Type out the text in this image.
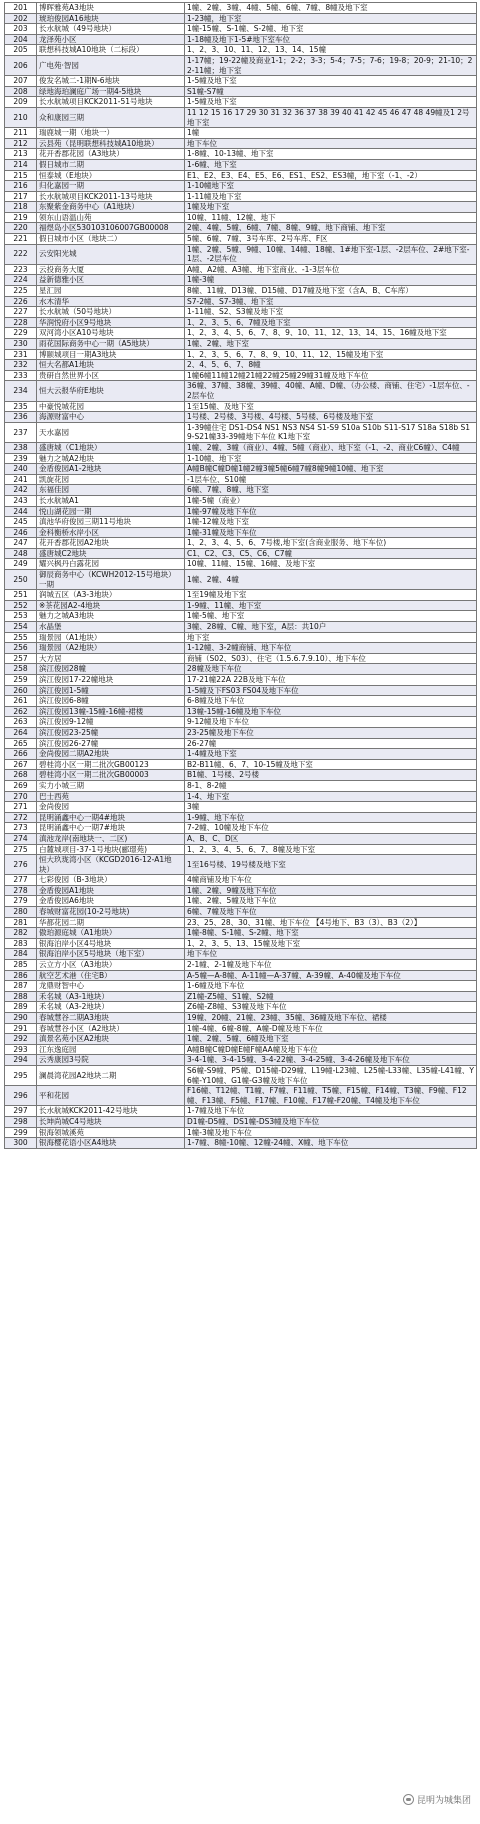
201	博晖雅苑A3地块	1幢、2幢、3幢、4幢、5幢、6幢、7幢、8幢及地下室
202	琥珀俊园A16地块	1-23幢，地下室
203	长水航城（49号地块）	1幢-15幢、S-1幢、S-2幢、地下室
204	龙泽苑小区	1-18幢及地下1-5#地下室车位
205	联想科技城A10地块（二标段）	1、2、3、10、11、12、13、14、15幢
206	广电苑·智园	1-17幢；19-22幢及商业1-1；2-2；3-3；5-4；7-5；7-6；19-8；20-9；21-10；22-11幢；地下室
207	俊发名城二-1期N-6地块	1-5幢及地下室
208	绿地海珀澜庭广场一期4-5地块	S1幢-S7幢
209	长水航城项目KCK2011-51号地块	1-5幢及地下室
210	众和康园三期	11 12 15 16 17 29 30 31 32 36 37 38 39 40 41 42 45 46 47 48 49幢及1 2号地下室
211	瑞鹿城一期（地块一）	1幢
212	云县苑（昆明联想科技城A10地块）	地下车位
213	花开香郡花园（A3地块）	1-8幢、10-13幢、地下室
214	假日城市二期	1-6幢、地下室
215	恒泰城（E地块）	E1、E2、E3、E4、E5、E6、ES1、ES2、ES3幢，地下室（-1、-2）
216	归化嘉园一期	1-10幢地下室
217	长水航城项目KCK2011-13号地块	1-11幢及地下室
218	东聚紫金商务中心（A1地块）	1幢及地下室
219	领东山语温山苑	10幢、11幢、12幢、地下
220	福煜岛小区530103106007GB00008	2幢、4幢、5幢、6幢、7幢、8幢、9幢、地下商铺、地下室
221	假日城市小区（地块二）	5幢、6幢、7幢、3号车库、2号车库、F区
222	云安阳光城	1幢、2幢、5幢、9幢、10幢、14幢、18幢、1#地下室-1层、-2层车位、2#地下室-1层、-2层车位
223	云投商务大厦	A幢、A2幢、A3幢、地下室商业、-1-3层车位
224	益新德雅小区	1幢-3幢
225	星汇园	8幢、11幢、D13幢、D15幢、D17幢及地下室（含A、B、C车库）
226	水木清华	S7-2幢、S7-3幢、地下室
227	长水航城（50号地块）	1-11幢、S2、S3幢及地下室
228	华润悦府小区9号地块	1、2、3、5、6、7幢及地下室
229	双河湾小区A10号地块	1、2、3、4、5、6、7、8、9、10、11、12、13、14、15、16幢及地下室
230	雨花国际商务中心一期（A5地块）	1幢、2幢、地下室
231	博颐城项目一期A3地块	1、2、3、5、6、7、8、9、10、11、12、15幢及地下室
232	恒大名都A1地块	2、4、5、6、7、8幢
233	贵研自然世界小区	1幢6幢11幢12幢21幢22幢25幢29幢31幢及地下车位
234	恒大云报华府E地块	36幢、37幢、38幢、39幢、40幢、A幢、D幢、（办公楼、商铺、住宅）-1层车位、-2层车位
235	中豪悦城花园	1至15幢、及地下室
236	海源财富中心	1号楼、2号楼、3号楼、4号楼、5号楼、6号楼及地下室
237	天水嘉园	1-39幢住宅 DS1-DS4 NS1 NS3 NS4 S1-S9 S10a S10b S11-S17 S18a S18b S19-S21幢33-39幢地下车位 K1地下室
238	盛唐城（C1地块）	1幢、2幢、3幢（商业）、4幢、5幢（商业）、地下室（-1、-2、商业C6幢）、C4幢
239	魅力之城A2地块	1-10幢、地下室
240	金盾俊园A1-2地块	A幢B幢C幢D幢1幢2幢3幢5幢6幢7幢8幢9幢10幢、地下室
241	凯旋花园	-1层车位、S10幢
242	东福佳园	6幢、7幢、8幢、地下室
243	长水航城A1	1幢-5幢（商业）
244	悦山湖花园一期	1幢-97幢及地下车位
245	滇池华府俊园三期11号地块	1幢-12幢及地下室
246	金科衡桥水岸小区	1幢-31幢及地下车位
247	花开香郡花园A2地块	1、2、3、4、5、6、7号楼,地下室(含商业服务、地下车位)
248	盛唐城C2地块	C1、C2、C3、C5、C6、C7幢
249	耀兴枫丹白露花园	10幢、11幢、15幢、16幢、及地下室
250	御辰商务中心（KCWH2012-15号地块）一期	1幢、2幢、4幢
251	润城五区（A3-3地块）	1至19幢及地下室
252	※茶花园A2-4地块	1-9幢、11幢、地下室
253	魅力之城A3地块	1幢-5幢、地下室
254	水晶堡	3幢、28幢、C幢、地下室，A层：共10户
255	瑞景园（A1地块）	地下室
256	瑞景园（A2地块）	1-12幢、3-2幢商铺、地下车位
257	大方居	商铺（S02、S03）、住宅（1.5.6.7.9.10）、地下车位
258	滨江俊园28幢	28幢及地下车位
259	滨江俊园17-22幢地块	17-21幢22A 22B及地下车位
260	滨江俊园1-5幢	1-5幢及下FS03 FS04及地下车位
261	滨江俊园6-8幢	6-8幢及地下车位
262	滨江俊园13幢-15幢-16幢-裙楼	13幢-15幢-16幢及地下车位
263	滨江俊园9-12幢	9-12幢及地下车位
264	滨江俊园23-25幢	23-25幢及地下车位
265	滨江俊园26-27幢	26-27幢
266	金尚俊园二期A2地块	1-4幢及地下室
267	碧桂湾小区一期二批次GB00123	B2-B11幢、6、7、10-15幢及地下室
268	碧桂湾小区一期二批次GB00003	B1幢、1号楼、2号楼
269	实力小城三期	8-1、8-2幢
270	巴士西苑	1-4、地下室
271	金尚俊园	3幢
272	昆明涌鑫中心一期4#地块	1-9幢、地下车位
273	昆明涌鑫中心一期7#地块	7-2幢、10幢及地下车位
274	滇池龙岸(南地块一、二区)	A、B、C、D区
275	白麓城项目-37-1号地块(郦璟苑)	1、2、3、4、5、6、7、8幢及地下室
276	恒大玖珑湾小区（KCGD2016-12-A1地块）	1至16号楼、19号楼及地下室
277	七彩俊园（B-3地块）	4幢商铺及地下车位
278	金盾俊园A1地块	1幢、2幢、9幢及地下车位
279	金盾俊园A6地块	1幢、2幢、5幢及地下车位
280	春城财富花园(10-2号地块)	6幢、7幢及地下车位
281	华都花园二期	23、25、28、30、31幢、地下车位 【4号地下、B3（3）、B3（2）】
282	傲珀源庭城（A1地块）	1幢-8幢、S-1幢、S-2幢、地下室
283	银海泊岸小区4号地块	1、2、3、5、13、15幢及地下室
284	银海泊岸小区5号地块（地下室）	地下车位
285	云立方小区（A3地块）	2-1幢、2-1幢及地下车位
286	航空艺术港（住宅B）	A-5幢—A-8幢、A-11幢—A-37幢、A-39幢、A-40幢及地下车位
287	龙鼎财智中心	1-6幢及地下车位
288	禾名城（A3-1地块）	Z1幢-Z5幢、S1幢、S2幢
289	禾名城（A3-2地块）	Z6幢-Z8幢、S3幢及地下车位
290	春城慧谷二期A3地块	19幢、20幢、21幢、23幢、35幢、36幢及地下车位、裙楼
291	春城慧谷小区（A2地块）	1幢-4幢、6幢-8幢、A幢-D幢及地下车位
292	滇景名苑小区A2地块	1幢、2幢、5幢、6幢及地下室
293	江东逸庭园	A幢B幢C幢D幢E幢F幢AA幢及地下车位
294	云秀康园3号院	3-4-1幢、3-4-15幢、3-4-22幢、3-4-25幢、3-4-26幢及地下车位
295	澜晨湾花园A2地块二期	S6幢-S9幢、P5幢、D15幢-D29幢、L19幢-L23幢、L25幢-L33幢、L35幢-L41幢、Y6幢-Y10幢、G1幢-G3幢及地下车位
296	平和花园	F16幢、T12幢、T1幢、F7幢、F11幢、T5幢、F15幢、F14幢、T3幢、F9幢、F12幢、F13幢、F5幢、F17幢、F10幢、F17幢-F20幢、T4幢及地下车位
297	长水航城KCK2011-42号地块	1-7幢及地下车位
298	长坤尚城C4号地块	D1幢-D5幢、DS1幢-DS3幢及地下车位
299	银海领城溪苑	1幢-3幢及地下车位
300	银海樱花语小区A4地块	1-7幢、8幢-10幢、12幢-24幢、X幢、地下车位
昆明为城集团
